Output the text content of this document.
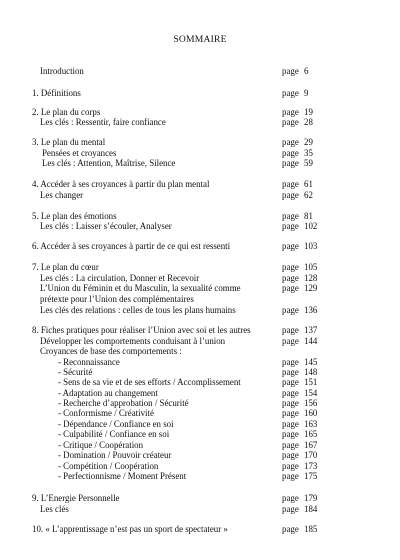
SOMMAIRE
Introduction	page 6
1. Définitions	page 9
2. Le plan du corps	page 19
Les clés : Ressentir, faire confiance	page 28
3. Le plan du mental	page 29
Pensées et croyances	page 35
Les clés : Attention, Maîtrise, Silence	page 59
4. Accéder à ses croyances à partir du plan mental	page 61
Les changer	page 62
5. Le plan des émotions	page 81
Les clés : Laisser s’écouler, Analyser	page 102
6. Accéder à ses croyances à partir de ce qui est ressenti	page 103
7. Le plan du cœur	page 105
Les clés : La circulation, Donner et Recevoir	page 128
L’Union du Féminin et du Masculin, la sexualité comme	page 129
prétexte pour l’Union des complémentaires
Les clés des relations : celles de tous les plans humains	page 136
8. Fiches pratiques pour réaliser l’Union avec soi et les autres	page 137
Développer les comportements conduisant à l’union	page 144
Croyances de base des comportements :
- Reconnaissance	page 145
- Sécurité	page 148
- Sens de sa vie et de ses efforts / Accomplissement	page 151
- Adaptation au changement	page 154
- Recherche d’approbation / Sécurité	page 156
- Conformisme / Créativité	page 160
- Dépendance / Confiance en soi	page 163
- Culpabilité / Confiance en soi	page 165
- Critique / Coopération	page 167
- Domination / Pouvoir créateur	page 170
- Compétition / Coopération	page 173
- Perfectionnisme / Moment Présent	page 175
9. L’Energie Personnelle	page 179
Les clés	page 184
10. « L’apprentissage n’est pas un sport de spectateur »	page 185
